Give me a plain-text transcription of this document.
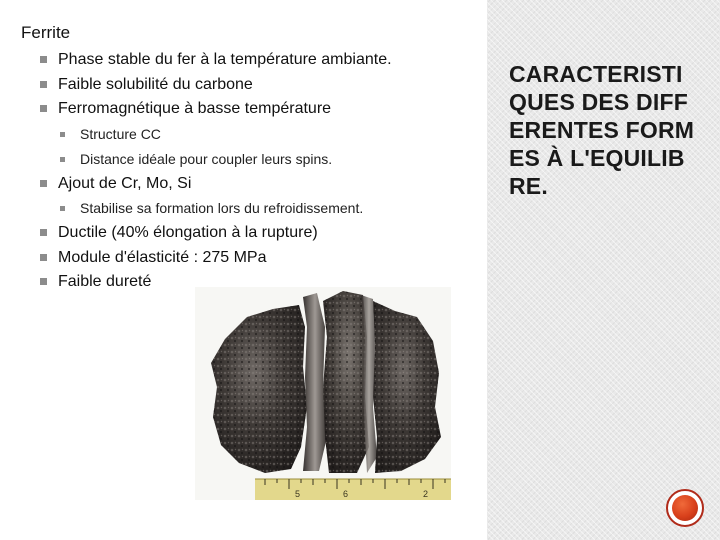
Ferrite
Phase stable du fer à la température ambiante.
Faible solubilité du carbone
Ferromagnétique à basse température
Structure CC
Distance idéale pour coupler leurs spins.
Ajout de Cr, Mo, Si
Stabilise sa formation lors du refroidissement.
Ductile (40% élongation à la rupture)
Module d'élasticité : 275 MPa
Faible dureté
5	6	2
CARACTERISTIQUES DES DIFFERENTES FORMES À L'EQUILIBRE.
